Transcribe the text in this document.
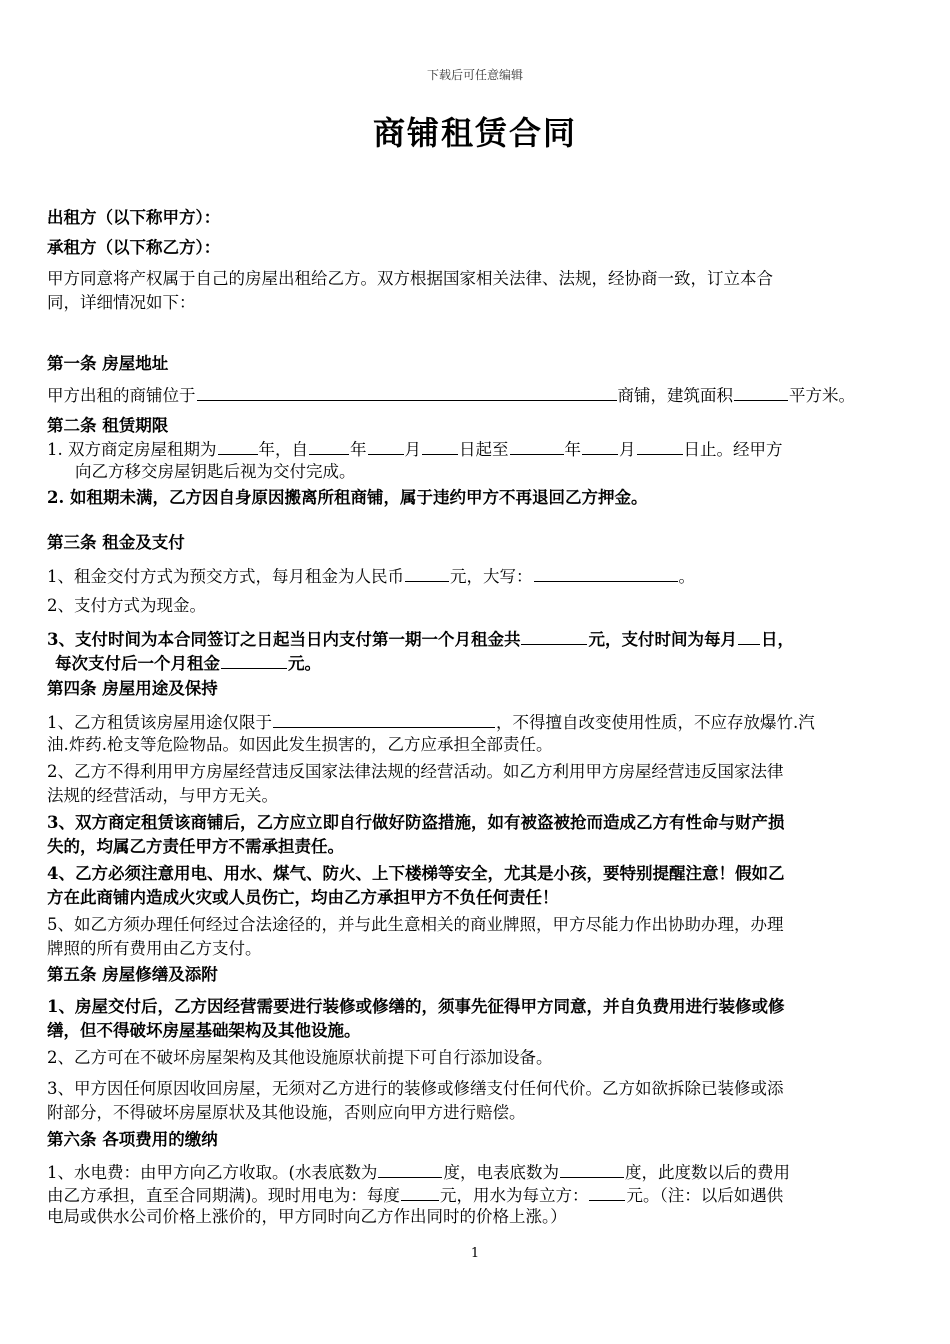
下载后可任意编辑
商铺租赁合同
出租方（以下称甲方）：
承租方（以下称乙方）：
甲方同意将产权属于自己的房屋出租给乙方。双方根据国家相关法律、法规，经协商一致，订立本合
同，详细情况如下：
第一条 房屋地址
甲方出租的商铺位于	商铺，建筑面积	平方米。
第二条 租赁期限
1. 双方商定房屋租期为	年，自	年 月 日起至	年 月	日止。经甲方
向乙方移交房屋钥匙后视为交付完成。
2. 如租期未满，乙方因自身原因搬离所租商铺，属于违约甲方不再退回乙方押金。
第三条 租金及支付
1、租金交付方式为预交方式，每月租金为人民币	元，大写：	。
2、支付方式为现金。
3、支付时间为本合同签订之日起当日内支付第一期一个月租金共	元，支付时间为每月 日，
每次支付后一个月租金	元。
第四条 房屋用途及保持
1、乙方租赁该房屋用途仅限于	，不得擅自改变使用性质，不应存放爆竹.汽
油.炸药.枪支等危险物品。如因此发生损害的，乙方应承担全部责任。
2、乙方不得利用甲方房屋经营违反国家法律法规的经营活动。如乙方利用甲方房屋经营违反国家法律
法规的经营活动，与甲方无关。
3、双方商定租赁该商铺后，乙方应立即自行做好防盗措施，如有被盗被抢而造成乙方有性命与财产损
失的，均属乙方责任甲方不需承担责任。
4、乙方必须注意用电、用水、煤气、防火、上下楼梯等安全，尤其是小孩，要特别提醒注意！假如乙
方在此商铺内造成火灾或人员伤亡，均由乙方承担甲方不负任何责任！
5、如乙方须办理任何经过合法途径的，并与此生意相关的商业牌照，甲方尽能力作出协助办理，办理
牌照的所有费用由乙方支付。
第五条 房屋修缮及添附
1、房屋交付后，乙方因经营需要进行装修或修缮的，须事先征得甲方同意，并自负费用进行装修或修
缮，但不得破坏房屋基础架构及其他设施。
2、乙方可在不破坏房屋架构及其他设施原状前提下可自行添加设备。
3、甲方因任何原因收回房屋，无须对乙方进行的装修或修缮支付任何代价。乙方如欲拆除已装修或添
附部分，不得破坏房屋原状及其他设施，否则应向甲方进行赔偿。
第六条 各项费用的缴纳
1、水电费：由甲方向乙方收取。(水表底数为	度，电表底数为	度，此度数以后的费用
由乙方承担，直至合同期满)。现时用电为：每度 元，用水为每立方： 元。（注：以后如遇供
电局或供水公司价格上涨价的，甲方同时向乙方作出同时的价格上涨。）
1
